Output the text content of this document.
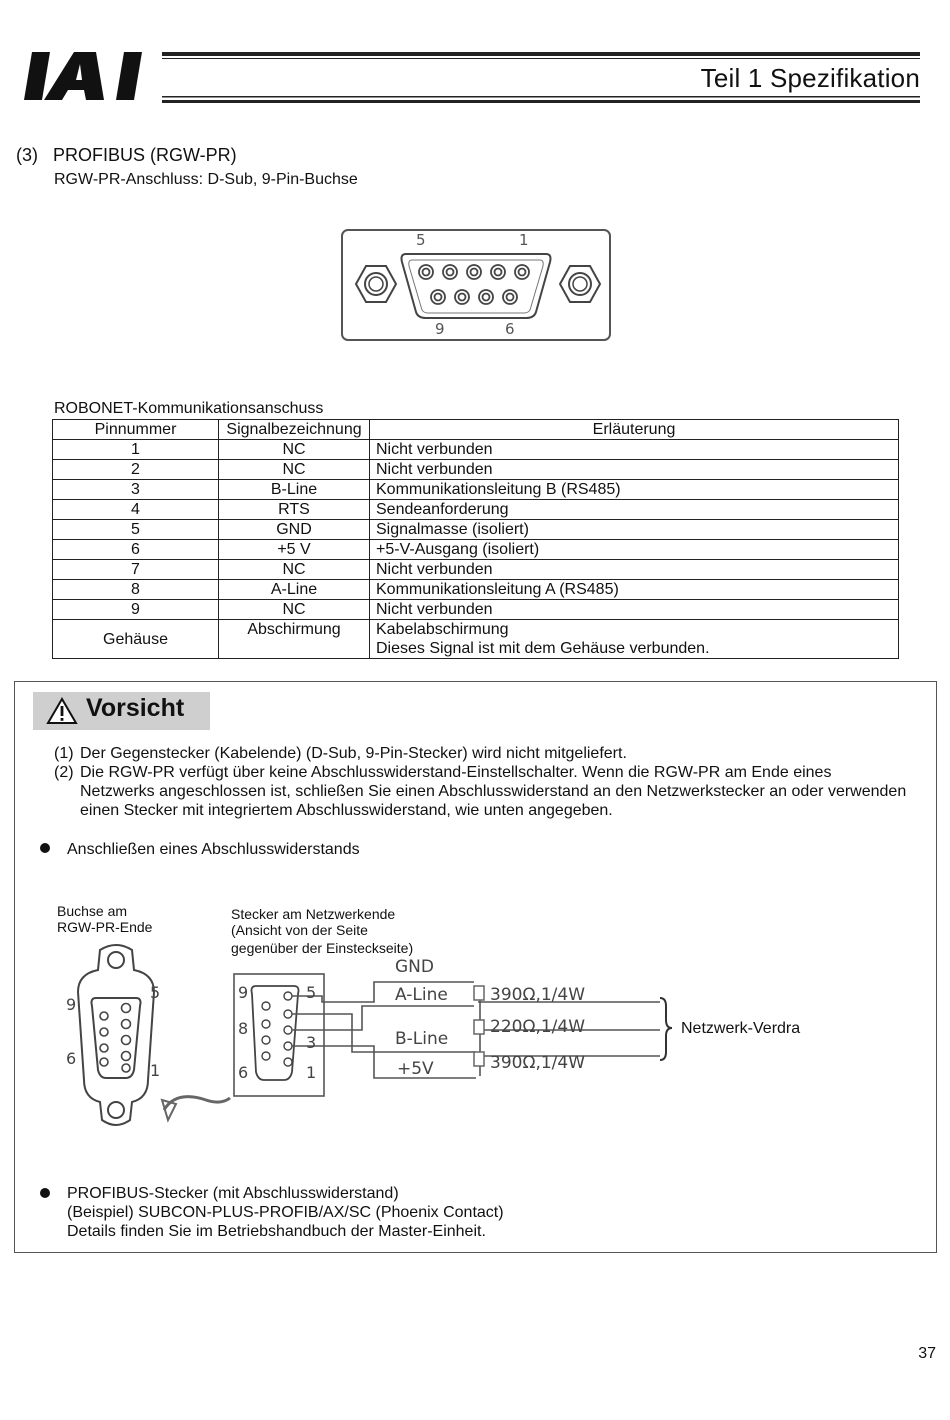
Teil 1 Spezifikation
(3)   PROFIBUS (RGW-PR)
RGW-PR-Anschluss: D-Sub, 9-Pin-Buchse
5	1
9	6
ROBONET-Kommunikationsanschuss
Pinnummer	Signalbezeichnung	Erläuterung
1	NC	Nicht verbunden
2	NC	Nicht verbunden
3	B-Line	Kommunikationsleitung B (RS485)
4	RTS	Sendeanforderung
5	GND	Signalmasse (isoliert)
6	+5 V	+5-V-Ausgang (isoliert)
7	NC	Nicht verbunden
8	A-Line	Kommunikationsleitung A (RS485)
9	NC	Nicht verbunden
Gehäuse	Abschirmung	Kabelabschirmung
Dieses Signal ist mit dem Gehäuse verbunden.
Vorsicht
(1) Der Gegenstecker (Kabelende) (D-Sub, 9-Pin-Stecker) wird nicht mitgeliefert.
(2) Die RGW-PR verfügt über keine Abschlusswiderstand-Einstellschalter. Wenn die RGW-PR am Ende eines
Netzwerks angeschlossen ist, schließen Sie einen Abschlusswiderstand an den Netzwerkstecker an oder verwenden
einen Stecker mit integriertem Abschlusswiderstand, wie unten angegeben.
Anschließen eines Abschlusswiderstands
Buchse am
RGW-PR-Ende
Stecker am Netzwerkende
(Ansicht von der Seite
gegenüber der Einsteckseite)
GND
A-Line
B-Line
+5V
390Ω,1/4W
220Ω,1/4W
390Ω,1/4W
9
5
6
1
9	5
8
3
6	1
Netzwerk-Verdra
PROFIBUS-Stecker (mit Abschlusswiderstand)
(Beispiel) SUBCON-PLUS-PROFIB/AX/SC (Phoenix Contact)
Details finden Sie im Betriebshandbuch der Master-Einheit.
37
